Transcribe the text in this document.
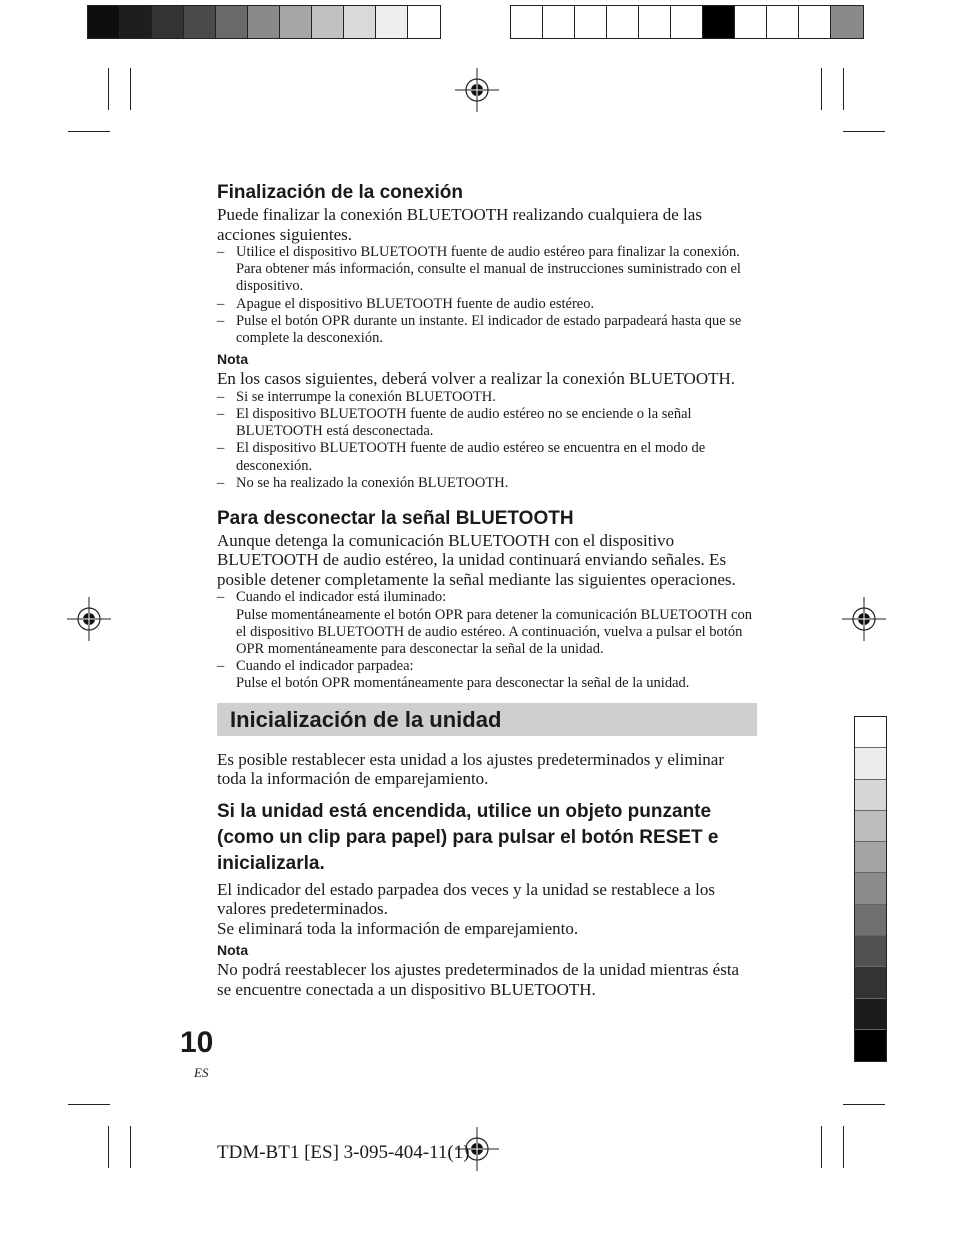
Finalización de la conexión

Puede finalizar la conexión BLUETOOTH realizando cualquiera de las acciones siguientes.

– Utilice el dispositivo BLUETOOTH fuente de audio estéreo para finalizar la conexión. Para obtener más información, consulte el manual de instrucciones suministrado con el dispositivo.
– Apague el dispositivo BLUETOOTH fuente de audio estéreo.
– Pulse el botón OPR durante un instante. El indicador de estado parpadeará hasta que se complete la desconexión.
Nota

En los casos siguientes, deberá volver a realizar la conexión BLUETOOTH.

– Si se interrumpe la conexión BLUETOOTH.
– El dispositivo BLUETOOTH fuente de audio estéreo no se enciende o la señal BLUETOOTH está desconectada.
– El dispositivo BLUETOOTH fuente de audio estéreo se encuentra en el modo de desconexión.
– No se ha realizado la conexión BLUETOOTH.
Para desconectar la señal BLUETOOTH

Aunque detenga la comunicación BLUETOOTH con el dispositivo BLUETOOTH de audio estéreo, la unidad continuará enviando señales. Es posible detener completamente la señal mediante las siguientes operaciones.

– Cuando el indicador está iluminado:
Pulse momentáneamente el botón OPR para detener la comunicación BLUETOOTH con el dispositivo BLUETOOTH de audio estéreo. A continuación, vuelva a pulsar el botón OPR momentáneamente para desconectar la señal de la unidad.
– Cuando el indicador parpadea:
Pulse el botón OPR momentáneamente para desconectar la señal de la unidad.
Inicialización de la unidad

Es posible restablecer esta unidad a los ajustes predeterminados y eliminar toda la información de emparejamiento.

Si la unidad está encendida, utilice un objeto punzante (como un clip para papel) para pulsar el botón RESET e inicializarla.

El indicador del estado parpadea dos veces y la unidad se restablece a los valores predeterminados.

Se eliminará toda la información de emparejamiento.

Nota

No podrá reestablecer los ajustes predeterminados de la unidad mientras ésta se encuentre conectada a un dispositivo BLUETOOTH.

10
ES
TDM-BT1 [ES] 3-095-404-11(1)
